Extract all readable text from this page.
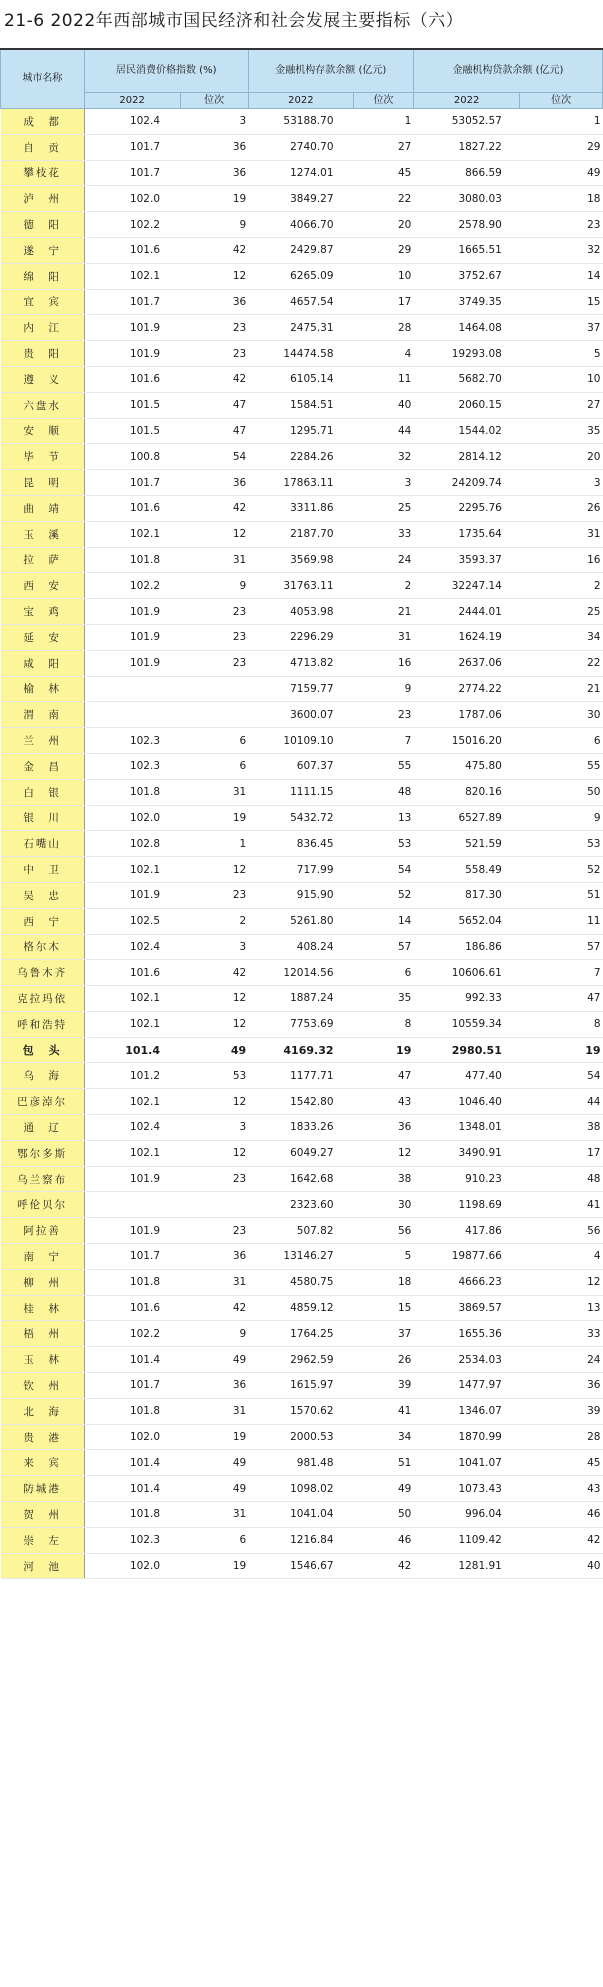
21-6 2022年西部城市国民经济和社会发展主要指标（六）
城市名称	居民消费价格指数 (%)		金融机构存款余额 (亿元)		金融机构贷款余额 (亿元)	
	2022	位次	2022	位次	2022	位次
成　都	102.4	3	53188.70	1	53052.57	1
自　贡	101.7	36	2740.70	27	1827.22	29
攀枝花	101.7	36	1274.01	45	866.59	49
泸　州	102.0	19	3849.27	22	3080.03	18
德　阳	102.2	9	4066.70	20	2578.90	23
遂　宁	101.6	42	2429.87	29	1665.51	32
绵　阳	102.1	12	6265.09	10	3752.67	14
宜　宾	101.7	36	4657.54	17	3749.35	15
内　江	101.9	23	2475.31	28	1464.08	37
贵　阳	101.9	23	14474.58	4	19293.08	5
遵　义	101.6	42	6105.14	11	5682.70	10
六盘水	101.5	47	1584.51	40	2060.15	27
安　顺	101.5	47	1295.71	44	1544.02	35
毕　节	100.8	54	2284.26	32	2814.12	20
昆　明	101.7	36	17863.11	3	24209.74	3
曲　靖	101.6	42	3311.86	25	2295.76	26
玉　溪	102.1	12	2187.70	33	1735.64	31
拉　萨	101.8	31	3569.98	24	3593.37	16
西　安	102.2	9	31763.11	2	32247.14	2
宝　鸡	101.9	23	4053.98	21	2444.01	25
延　安	101.9	23	2296.29	31	1624.19	34
咸　阳	101.9	23	4713.82	16	2637.06	22
榆　林			7159.77	9	2774.22	21
渭　南			3600.07	23	1787.06	30
兰　州	102.3	6	10109.10	7	15016.20	6
金　昌	102.3	6	607.37	55	475.80	55
白　银	101.8	31	1111.15	48	820.16	50
银　川	102.0	19	5432.72	13	6527.89	9
石嘴山	102.8	1	836.45	53	521.59	53
中　卫	102.1	12	717.99	54	558.49	52
吴　忠	101.9	23	915.90	52	817.30	51
西　宁	102.5	2	5261.80	14	5652.04	11
格尔木	102.4	3	408.24	57	186.86	57
乌鲁木齐	101.6	42	12014.56	6	10606.61	7
克拉玛依	102.1	12	1887.24	35	992.33	47
呼和浩特	102.1	12	7753.69	8	10559.34	8
包　头	101.4	49	4169.32	19	2980.51	19
乌　海	101.2	53	1177.71	47	477.40	54
巴彦淖尔	102.1	12	1542.80	43	1046.40	44
通　辽	102.4	3	1833.26	36	1348.01	38
鄂尔多斯	102.1	12	6049.27	12	3490.91	17
乌兰察布	101.9	23	1642.68	38	910.23	48
呼伦贝尔			2323.60	30	1198.69	41
阿拉善	101.9	23	507.82	56	417.86	56
南　宁	101.7	36	13146.27	5	19877.66	4
柳　州	101.8	31	4580.75	18	4666.23	12
桂　林	101.6	42	4859.12	15	3869.57	13
梧　州	102.2	9	1764.25	37	1655.36	33
玉　林	101.4	49	2962.59	26	2534.03	24
钦　州	101.7	36	1615.97	39	1477.97	36
北　海	101.8	31	1570.62	41	1346.07	39
贵　港	102.0	19	2000.53	34	1870.99	28
来　宾	101.4	49	981.48	51	1041.07	45
防城港	101.4	49	1098.02	49	1073.43	43
贺　州	101.8	31	1041.04	50	996.04	46
崇　左	102.3	6	1216.84	46	1109.42	42
河　池	102.0	19	1546.67	42	1281.91	40
